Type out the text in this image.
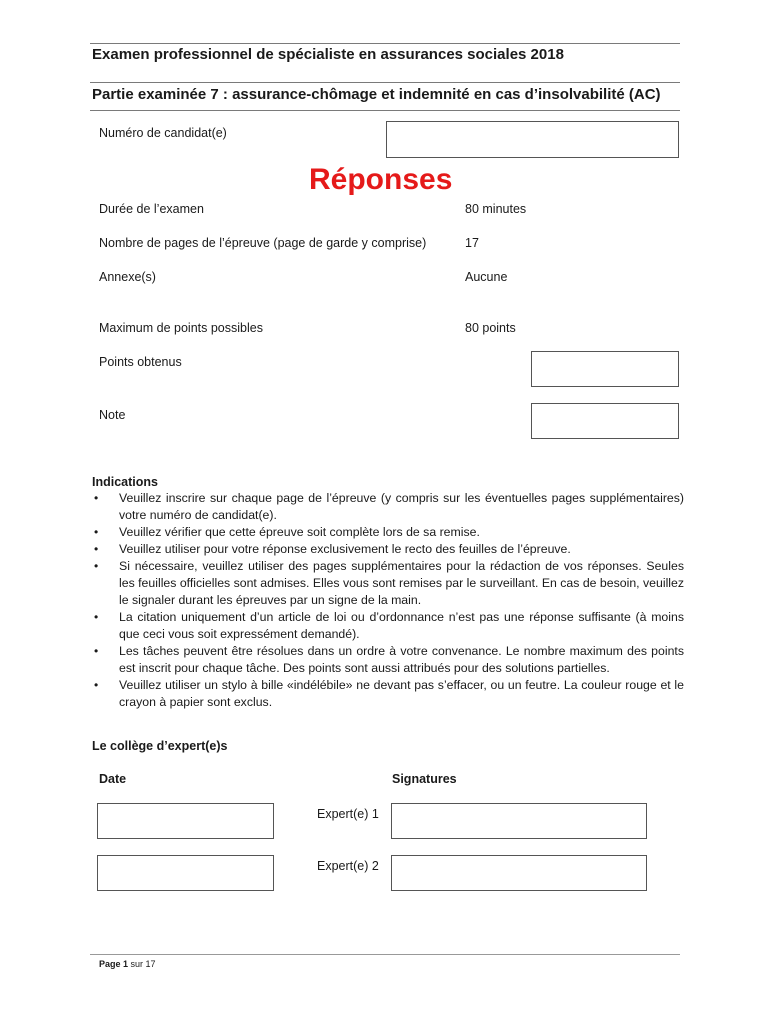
Examen professionnel de spécialiste en assurances sociales 2018
Partie examinée 7 : assurance-chômage et indemnité en cas d’insolvabilité (AC)
Numéro de candidat(e)
Réponses
Durée de l’examen	80 minutes
Nombre de pages de l’épreuve (page de garde y comprise)	17
Annexe(s)	Aucune
Maximum de points possibles	80 points
Points obtenus
Note
Indications
• Veuillez inscrire sur chaque page de l’épreuve (y compris sur les éventuelles pages supplémentaires) votre numéro de candidat(e).
• Veuillez vérifier que cette épreuve soit complète lors de sa remise.
• Veuillez utiliser pour votre réponse exclusivement le recto des feuilles de l’épreuve.
• Si nécessaire, veuillez utiliser des pages supplémentaires pour la rédaction de vos réponses. Seules les feuilles officielles sont admises. Elles vous sont remises par le surveillant. En cas de besoin, veuillez le signaler durant les épreuves par un signe de la main.
• La citation uniquement d’un article de loi ou d’ordonnance n’est pas une réponse suffisante (à moins que ceci vous soit expressément demandé).
• Les tâches peuvent être résolues dans un ordre à votre convenance. Le nombre maximum des points est inscrit pour chaque tâche. Des points sont aussi attribués pour des solutions partielles.
• Veuillez utiliser un stylo à bille «indélébile» ne devant pas s’effacer, ou un feutre. La couleur rouge et le crayon à papier sont exclus.
Le collège d’expert(e)s
Date	Signatures
Expert(e) 1
Expert(e) 2
Page 1 sur 17
